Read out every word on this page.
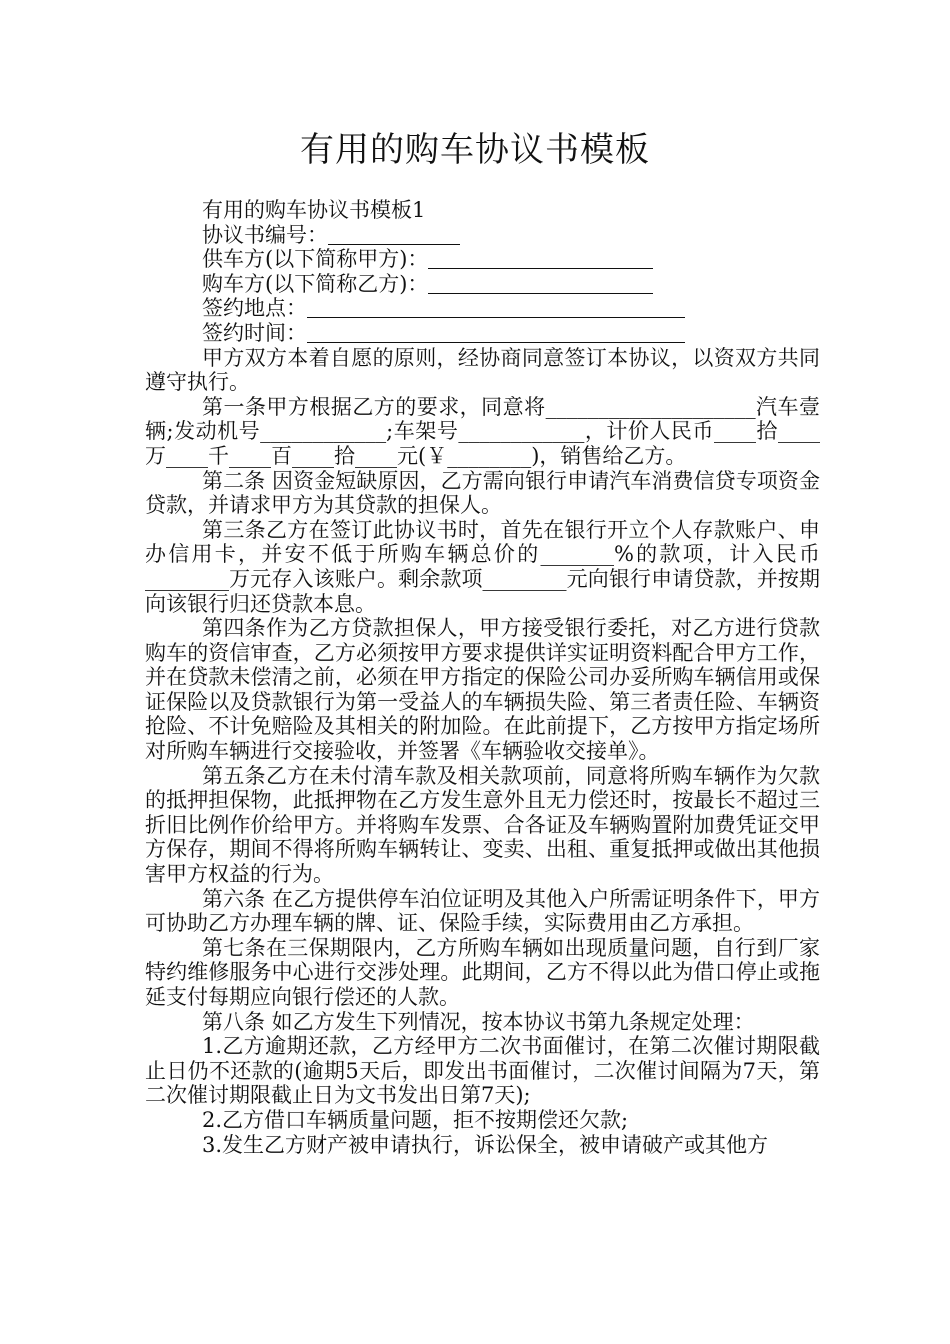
有用的购车协议书模板

有用的购车协议书模板1

协议书编号：

供车方(以下简称甲方)：

购车方(以下简称乙方)：

签约地点：

签约时间：

甲方双方本着自愿的原则，经协商同意签订本协议，以资双方共同遵守执行。

第一条甲方根据乙方的要求，同意将____________________汽车壹辆;发动机号____________;车架号____________，计价人民币____拾____万____千____百____拾____元(￥________)，销售给乙方。

第二条 因资金短缺原因，乙方需向银行申请汽车消费信贷专项资金贷款，并请求甲方为其贷款的担保人。

第三条乙方在签订此协议书时，首先在银行开立个人存款账户、申办信用卡，并安不低于所购车辆总价的_______%的款项，计入民币________万元存入该账户。剩余款项________元向银行申请贷款，并按期向该银行归还贷款本息。

第四条作为乙方贷款担保人，甲方接受银行委托，对乙方进行贷款购车的资信审查，乙方必须按甲方要求提供详实证明资料配合甲方工作，并在贷款未偿清之前，必须在甲方指定的保险公司办妥所购车辆信用或保证保险以及贷款银行为第一受益人的车辆损失险、第三者责任险、车辆资抢险、不计免赔险及其相关的附加险。在此前提下，乙方按甲方指定场所对所购车辆进行交接验收，并签署《车辆验收交接单》。

第五条乙方在未付清车款及相关款项前，同意将所购车辆作为欠款的抵押担保物，此抵押物在乙方发生意外且无力偿还时，按最长不超过三折旧比例作价给甲方。并将购车发票、合各证及车辆购置附加费凭证交甲方保存，期间不得将所购车辆转让、变卖、出租、重复抵押或做出其他损害甲方权益的行为。

第六条 在乙方提供停车泊位证明及其他入户所需证明条件下，甲方可协助乙方办理车辆的牌、证、保险手续，实际费用由乙方承担。

第七条在三保期限内，乙方所购车辆如出现质量问题，自行到厂家特约维修服务中心进行交涉处理。此期间，乙方不得以此为借口停止或拖延支付每期应向银行偿还的人款。

第八条 如乙方发生下列情况，按本协议书第九条规定处理：

1.乙方逾期还款，乙方经甲方二次书面催讨，在第二次催讨期限截止日仍不还款的(逾期5天后，即发出书面催讨，二次催讨间隔为7天，第二次催讨期限截止日为文书发出日第7天);

2.乙方借口车辆质量问题，拒不按期偿还欠款;

3.发生乙方财产被申请执行，诉讼保全，被申请破产或其他方
